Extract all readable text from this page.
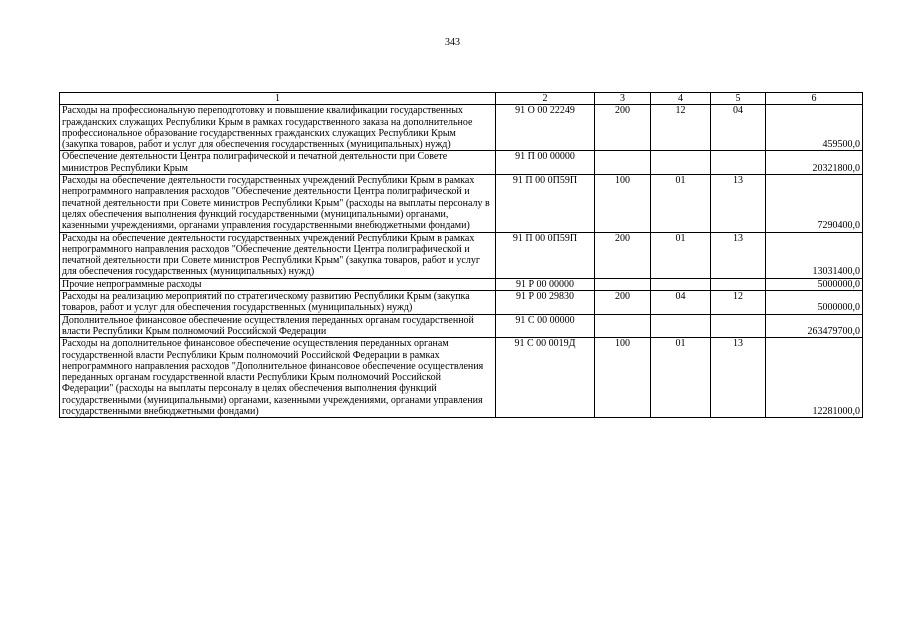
343
1	2	3	4	5	6
Расходы на профессиональную переподготовку и повышение квалификации государственных гражданских служащих Республики Крым в рамках государственного заказа на дополнительное профессиональное образование государственных гражданских служащих Республики Крым (закупка товаров, работ и услуг для обеспечения государственных (муниципальных) нужд)	91 О 00 22249	200	12	04	459500,0
Обеспечение деятельности Центра полиграфической и печатной деятельности при Совете министров Республики Крым	91 П 00 00000				20321800,0
Расходы на обеспечение деятельности государственных учреждений Республики Крым в рамках непрограммного направления расходов "Обеспечение деятельности Центра полиграфической и печатной деятельности при Совете министров Республики Крым" (расходы на выплаты персоналу в целях обеспечения выполнения функций государственными (муниципальными) органами, казенными учреждениями, органами управления государственными внебюджетными фондами)	91 П 00 0П59П	100	01	13	7290400,0
Расходы на обеспечение деятельности государственных учреждений Республики Крым в рамках непрограммного направления расходов "Обеспечение деятельности Центра полиграфической и печатной деятельности при Совете министров Республики Крым" (закупка товаров, работ и услуг для обеспечения государственных (муниципальных) нужд)	91 П 00 0П59П	200	01	13	13031400,0
Прочие непрограммные расходы	91 Р 00 00000				5000000,0
Расходы на реализацию мероприятий по стратегическому развитию Республики Крым (закупка товаров, работ и услуг для обеспечения государственных (муниципальных) нужд)	91 Р 00 29830	200	04	12	5000000,0
Дополнительное финансовое обеспечение осуществления переданных органам государственной власти Республики Крым полномочий Российской Федерации	91 С 00 00000				263479700,0
Расходы на дополнительное финансовое обеспечение осуществления переданных органам государственной власти Республики Крым полномочий Российской Федерации в рамках непрограммного направления расходов "Дополнительное финансовое обеспечение осуществления переданных органам государственной власти Республики Крым полномочий Российской Федерации" (расходы на выплаты персоналу в целях обеспечения выполнения функций государственными (муниципальными) органами, казенными учреждениями, органами управления государственными внебюджетными фондами)	91 С 00 0019Д	100	01	13	12281000,0
